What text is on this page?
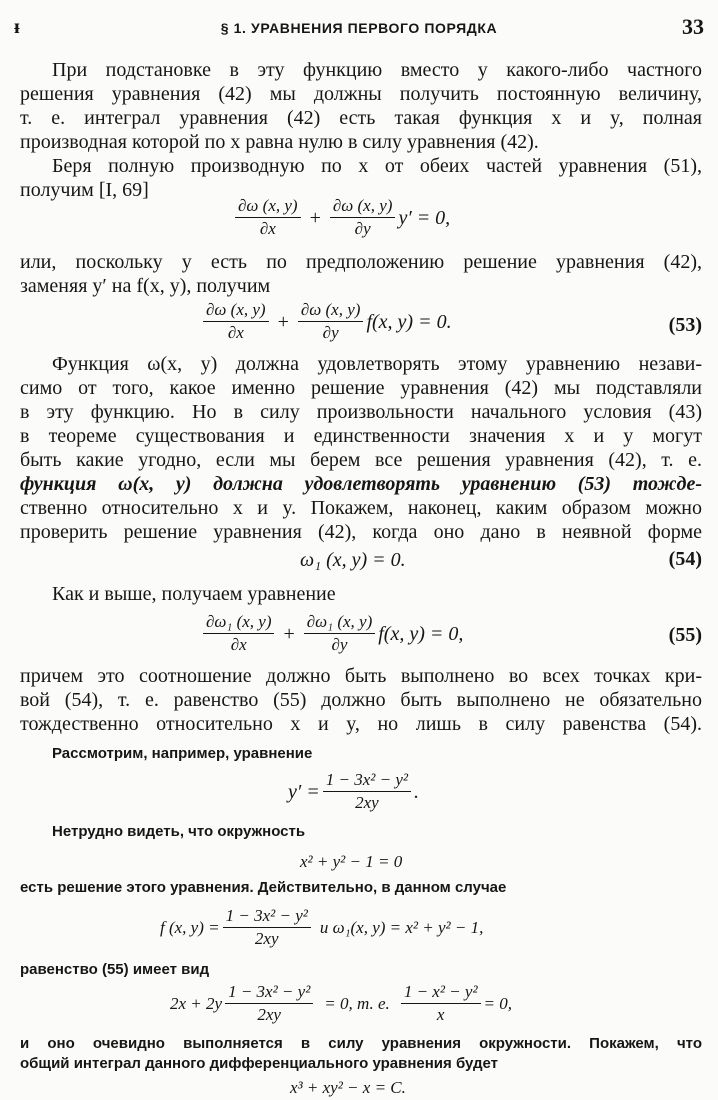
ᵻ	§ 1. УРАВНЕНИЯ ПЕРВОГО ПОРЯДКА	33
При подстановке в эту функцию вместо y какого-либо частного
решения уравнения (42) мы должны получить постоянную величину,
т. е. интеграл уравнения (42) есть такая функция x и y, полная
производная которой по x равна нулю в силу уравнения (42).
Беря полную производную по x от обеих частей уравнения (51),
получим [I, 69]
$\frac{\partial\omega (x, y)}{\partial x} + \frac{\partial\omega (x, y)}{\partial y} y' = 0$,
или, поскольку y есть по предположению решение уравнения (42),
заменяя y′ на f(x, y), получим
$\frac{\partial\omega (x, y)}{\partial x} + \frac{\partial\omega (x, y)}{\partial y} f(x$, y) = 0.	(53)
Функция ω(x, y) должна удовлетворять этому уравнению незави-
симо от того, какое именно решение уравнения (42) мы подставляли
в эту функцию. Но в силу произвольности начального условия (43)
в теореме существования и единственности значения x и y могут
быть какие угодно, если мы берем все решения уравнения (42), т. е.
функция ω(x, y) должна удовлетворять уравнению (53) тожде-
ственно относительно x и y. Покажем, наконец, каким образом можно
проверить решение уравнения (42), когда оно дано в неявной форме
ω₁ (x, y) = 0.	(54)
Как и выше, получаем уравнение
$\frac{\text{∂ω₁ (x, y)}}{\partial x} + \frac{\text{∂ω₁ (x, y)}}{\partial y} f(x$, y) = 0,	(55)
причем это соотношение должно быть выполнено во всех точках кри-
вой (54), т. е. равенство (55) должно быть выполнено не обязательно
тождественно относительно x и y, но лишь в силу равенства (54).
Рассмотрим, например, уравнение
$y' = \frac{\text{1 − 3x² − y²}}{2xy}$ .
Нетрудно видеть, что окружность
x² + y² − 1 = 0
есть решение этого уравнения. Действительно, в данном случае
f (x, $y) = \frac{\text{1 − 3x² − y²}}{2xy}$ и ω₁(x, y) = x² + y² − 1,
равенство (55) имеет вид
$2x + 2y \frac{\text{1 − 3x² − y²}}{2xy} = 0$, т. е. $\frac{\text{1 − x² − y²}}{x} = 0$,
и оно очевидно выполняется в силу уравнения окружности. Покажем, что
общий интеграл данного дифференциального уравнения будет
x³ + xy² − x = C.
